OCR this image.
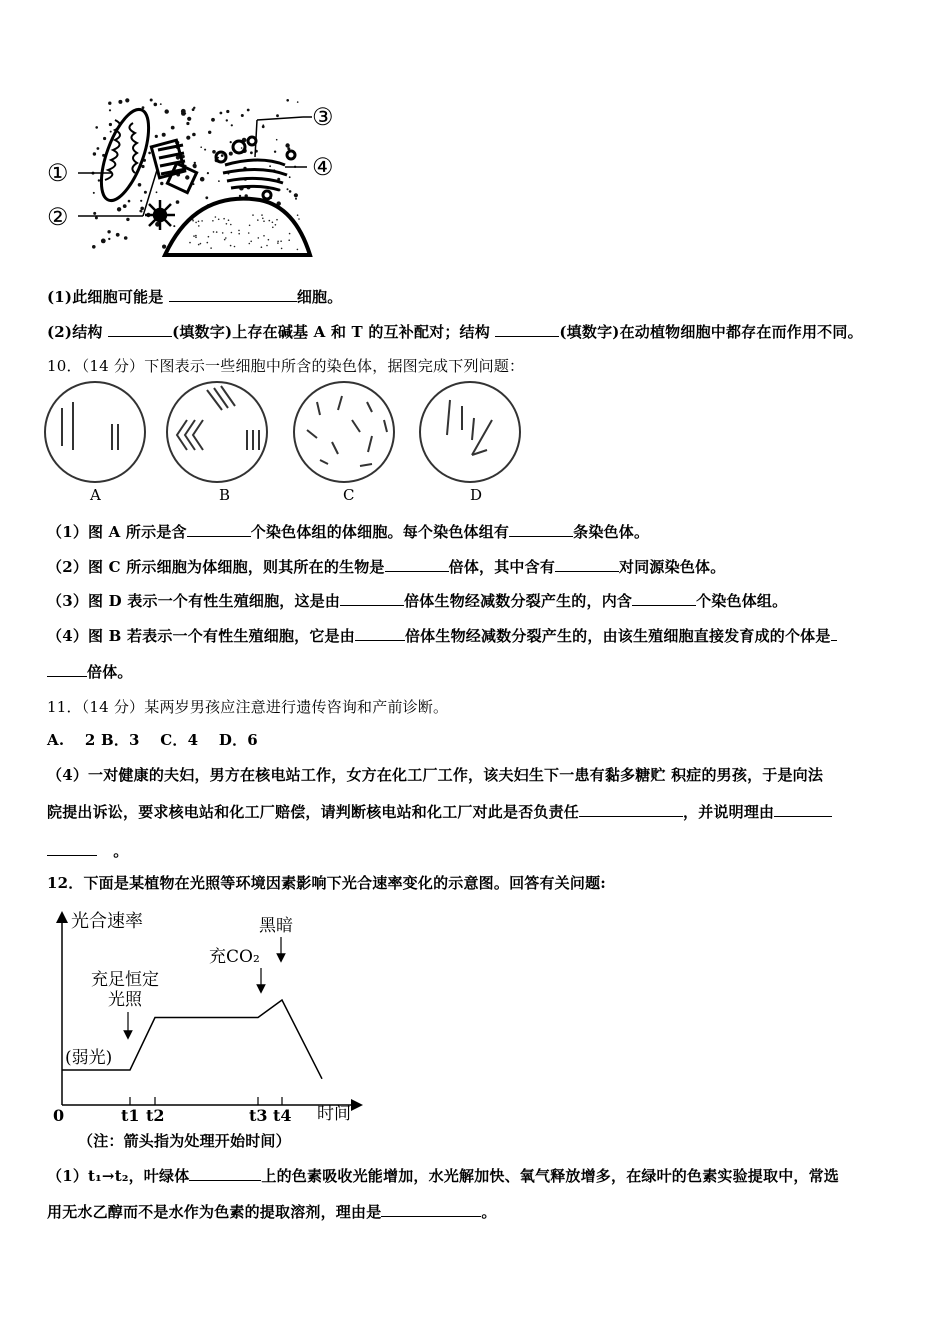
①
②
③
④
(1)此细胞可能是	细胞。
(2)结构	(填数字)上存在碱基 A 和 T 的互补配对；结构	(填数字)在动植物细胞中都存在而作用不同。
10．（14 分）下图表示一些细胞中所含的染色体，据图完成下列问题：
A	B	C	D
（1）图 A 所示是含	个染色体组的体细胞。每个染色体组有	条染色体。
（2）图 C 所示细胞为体细胞，则其所在的生物是	倍体，其中含有	对同源染色体。
（3）图 D 表示一个有性生殖细胞，这是由	倍体生物经减数分裂产生的，内含	个染色体组。
（4）图 B 若表示一个有性生殖细胞，它是由	倍体生物经减数分裂产生的，由该生殖细胞直接发育成的个体是
倍体。
11．（14 分）某两岁男孩应注意进行遗传咨询和产前诊断。
A.　 2 B．3　 C．4　 D．6
（4）一对健康的夫妇，男方在核电站工作，女方在化工厂工作，该夫妇生下一患有黏多糖贮 积症的男孩，于是向法
院提出诉讼，要求核电站和化工厂赔偿，请判断核电站和化工厂对此是否负责任	，并说明理由
。
12．下面是某植物在光照等环境因素影响下光合速率变化的示意图。回答有关问题:
光合速率
时间
0	t1 t2	t3 t4
充足恒定
光照
(弱光)
充CO₂
黑暗
（注：箭头指为处理开始时间）
（1）t₁→t₂，叶绿体	上的色素吸收光能增加，水光解加快、氧气释放增多，在绿叶的色素实验提取中，常选
用无水乙醇而不是水作为色素的提取溶剂，理由是	。
